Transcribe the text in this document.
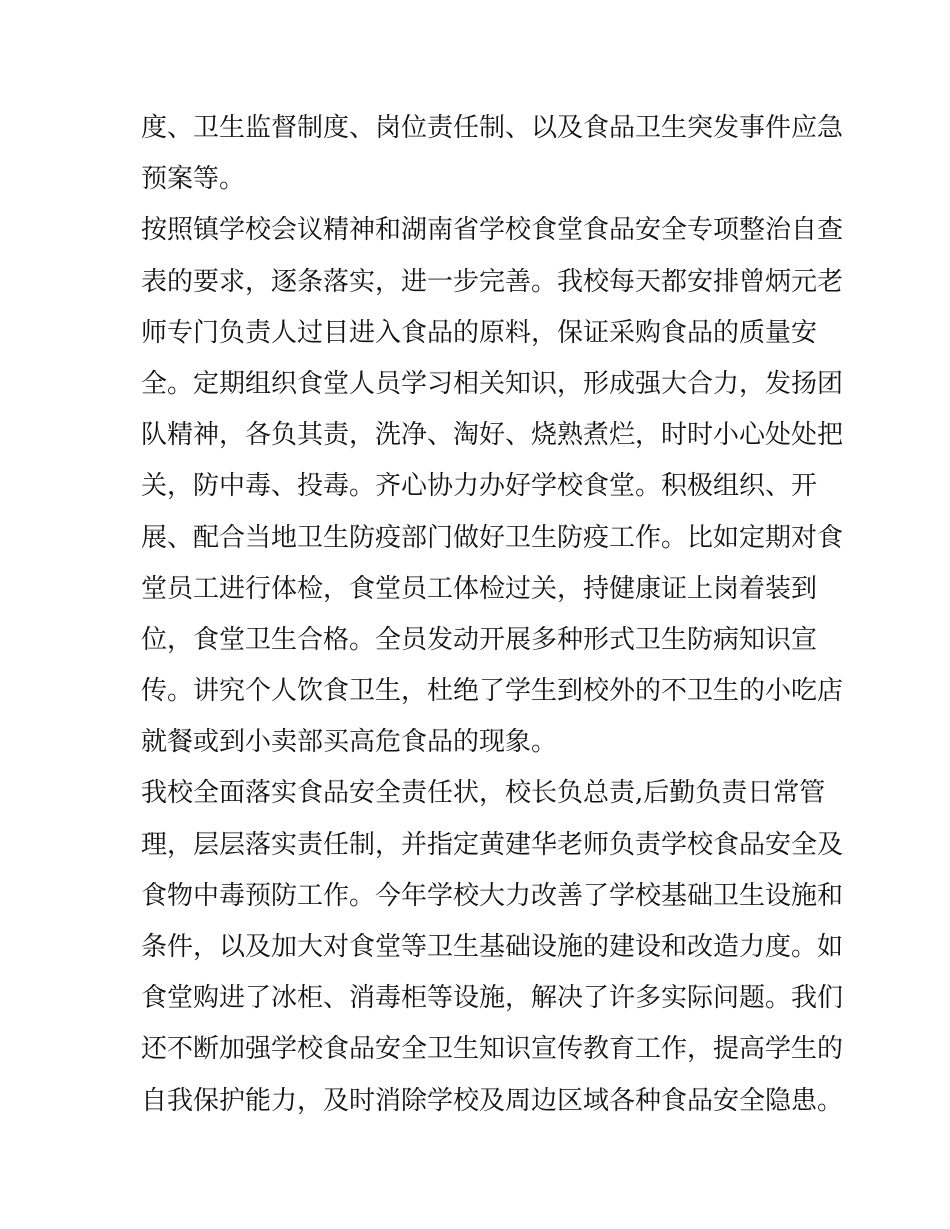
度、卫生监督制度、岗位责任制、以及食品卫生突发事件应急
预案等。
按照镇学校会议精神和湖南省学校食堂食品安全专项整治自查
表的要求，逐条落实，进一步完善。我校每天都安排曾炳元老
师专门负责人过目进入食品的原料，保证采购食品的质量安
全。定期组织食堂人员学习相关知识，形成强大合力，发扬团
队精神，各负其责，洗净、淘好、烧熟煮烂，时时小心处处把
关，防中毒、投毒。齐心协力办好学校食堂。积极组织、开
展、配合当地卫生防疫部门做好卫生防疫工作。比如定期对食
堂员工进行体检，食堂员工体检过关，持健康证上岗着装到
位，食堂卫生合格。全员发动开展多种形式卫生防病知识宣
传。讲究个人饮食卫生，杜绝了学生到校外的不卫生的小吃店
就餐或到小卖部买高危食品的现象。
我校全面落实食品安全责任状，校长负总责,后勤负责日常管
理，层层落实责任制，并指定黄建华老师负责学校食品安全及
食物中毒预防工作。今年学校大力改善了学校基础卫生设施和
条件，以及加大对食堂等卫生基础设施的建设和改造力度。如
食堂购进了冰柜、消毒柜等设施，解决了许多实际问题。我们
还不断加强学校食品安全卫生知识宣传教育工作，提高学生的
自我保护能力，及时消除学校及周边区域各种食品安全隐患。
